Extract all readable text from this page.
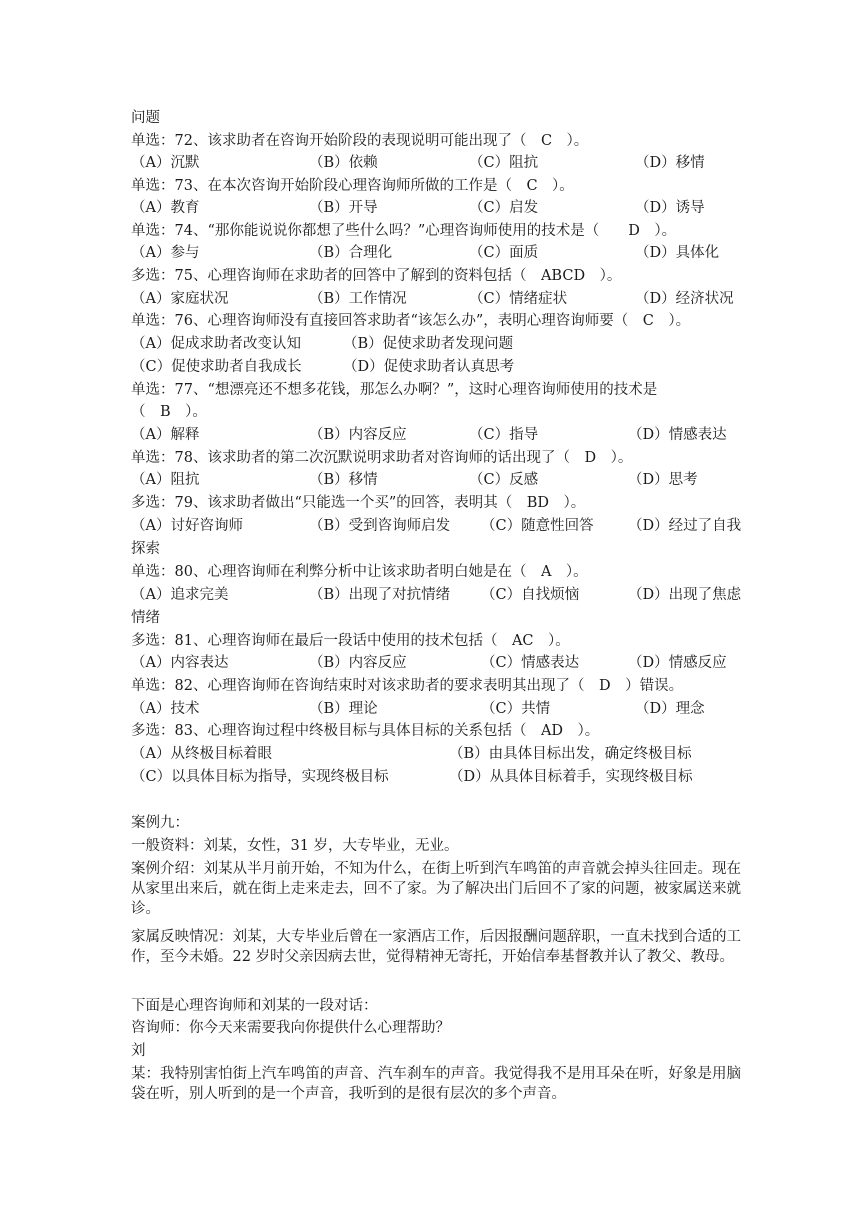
问题
单选：72、该求助者在咨询开始阶段的表现说明可能出现了（　C　）。
（A）沉默	（B）依赖	（C）阻抗	（D）移情
单选：73、在本次咨询开始阶段心理咨询师所做的工作是（　C　）。
（A）教育	（B）开导	（C）启发	（D）诱导
单选：74、“那你能说说你都想了些什么吗？”心理咨询师使用的技术是（　　D　）。
（A）参与	（B）合理化	（C）面质	（D）具体化
多选：75、心理咨询师在求助者的回答中了解到的资料包括（　ABCD　）。
（A）家庭状况	（B）工作情况	（C）情绪症状	（D）经济状况
单选：76、心理咨询师没有直接回答求助者“该怎么办”，表明心理咨询师要（　C　）。
（A）促成求助者改变认知	（B）促使求助者发现问题
（C）促使求助者自我成长	（D）促使求助者认真思考
单选：77、“想漂亮还不想多花钱，那怎么办啊？”，这时心理咨询师使用的技术是
（　B　）。
（A）解释	（B）内容反应	（C）指导	（D）情感表达
单选：78、该求助者的第二次沉默说明求助者对咨询师的话出现了（　D　）。
（A）阻抗	（B）移情	（C）反感	（D）思考
多选：79、该求助者做出“只能选一个买”的回答，表明其（　BD　）。
（A）讨好咨询师	（B）受到咨询师启发 （C）随意性回答 （D）经过了自我
探索
单选：80、心理咨询师在利弊分析中让该求助者明白她是在（　A　）。
（A）追求完美	（B）出现了对抗情绪 （C）自找烦恼	（D）出现了焦虑
情绪
多选：81、心理咨询师在最后一段话中使用的技术包括（　AC　）。
（A）内容表达	（B）内容反应	（C）情感表达	（D）情感反应
单选：82、心理咨询师在咨询结束时对该求助者的要求表明其出现了（　D　）错误。
（A）技术	（B）理论	（C）共情	（D）理念
多选：83、心理咨询过程中终极目标与具体目标的关系包括（　AD　）。
（A）从终极目标着眼	（B）由具体目标出发，确定终极目标
（C）以具体目标为指导，实现终极目标	（D）从具体目标着手，实现终极目标
案例九：
一般资料：刘某，女性，31 岁，大专毕业，无业。
案例介绍：刘某从半月前开始，不知为什么，在街上听到汽车鸣笛的声音就会掉头往回走。现在从家里出来后，就在街上走来走去，回不了家。为了解决出门后回不了家的问题，被家属送来就诊。
家属反映情况：刘某，大专毕业后曾在一家酒店工作，后因报酬问题辞职，一直未找到合适的工作，至今未婚。22 岁时父亲因病去世，觉得精神无寄托，开始信奉基督教并认了教父、教母。
下面是心理咨询师和刘某的一段对话：
咨询师：你今天来需要我向你提供什么心理帮助？
刘
某：我特别害怕街上汽车鸣笛的声音、汽车刹车的声音。我觉得我不是用耳朵在听，好象是用脑袋在听，别人听到的是一个声音，我听到的是很有层次的多个声音。
